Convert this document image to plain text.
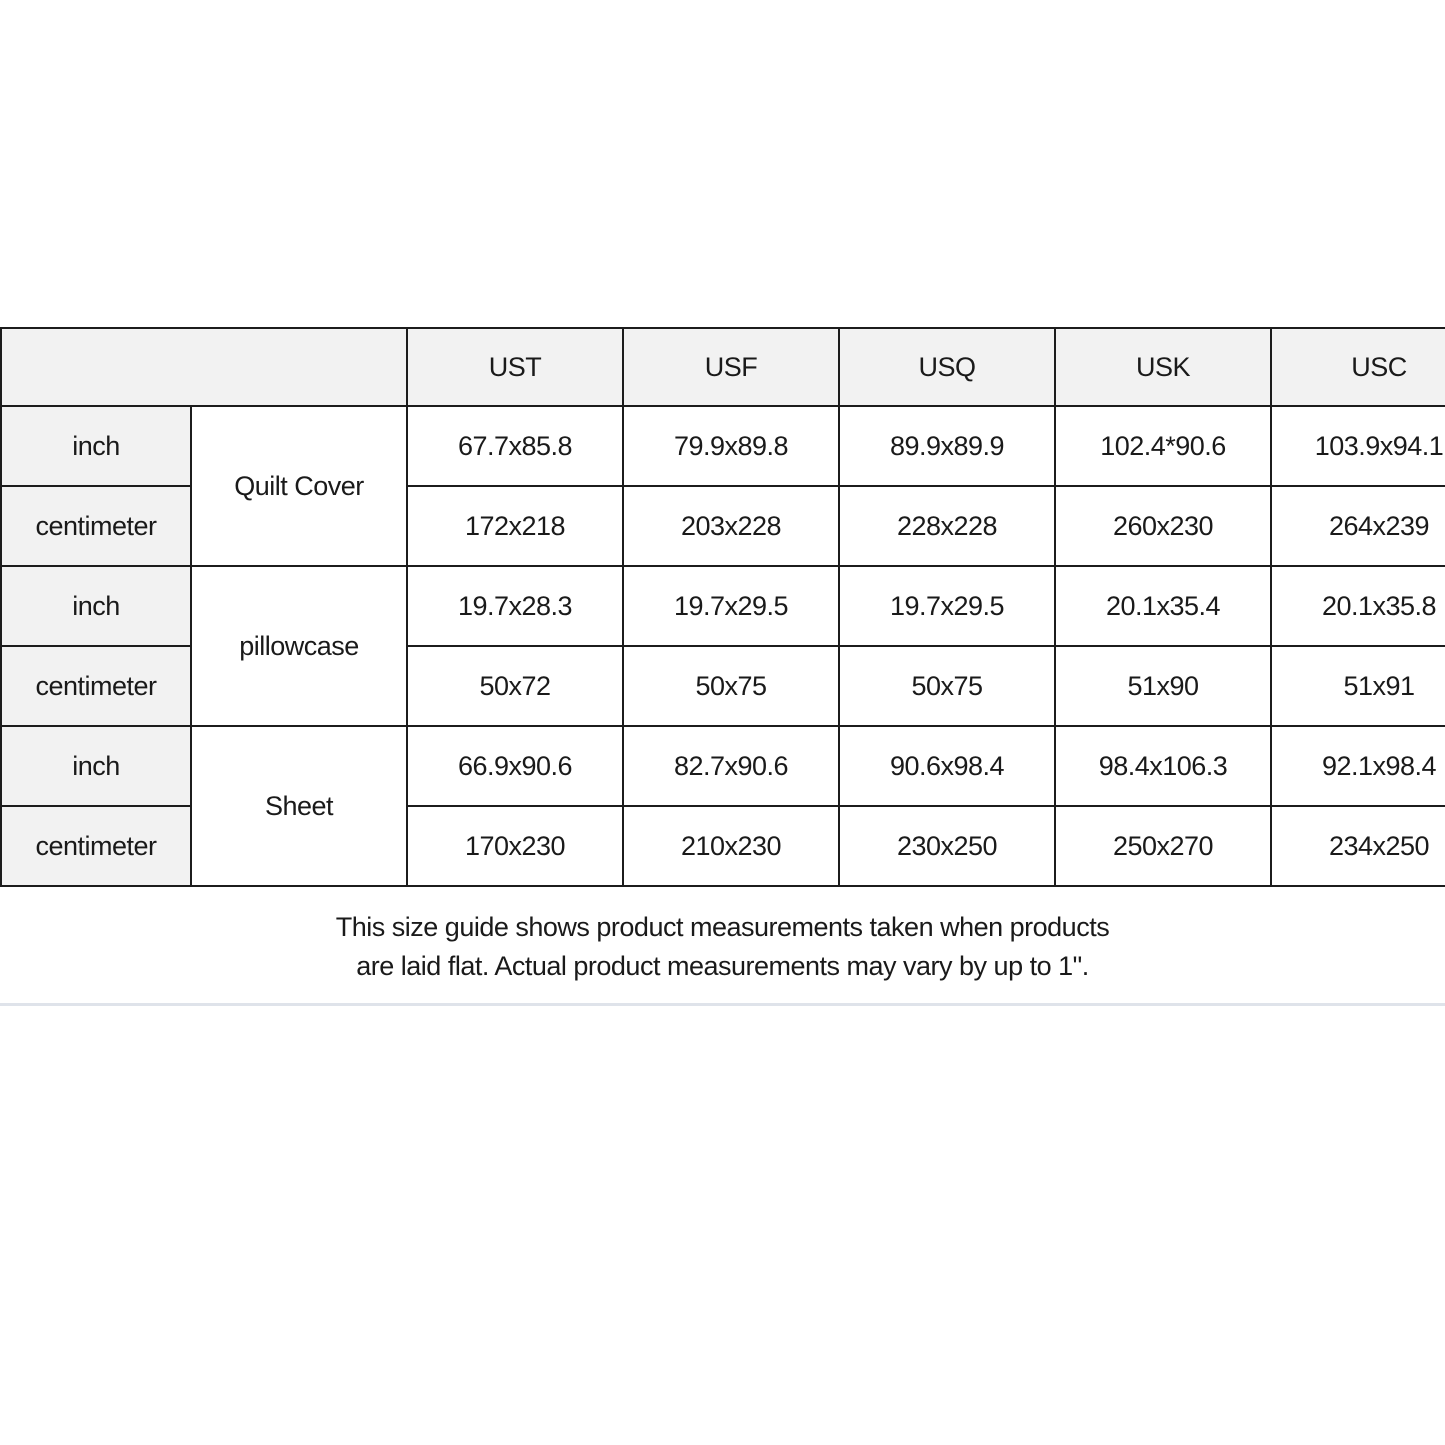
		UST	USF	USQ	USK	USC
inch	Quilt Cover	67.7x85.8	79.9x89.8	89.9x89.9	102.4*90.6	103.9x94.1
centimeter		172x218	203x228	228x228	260x230	264x239
inch	pillowcase	19.7x28.3	19.7x29.5	19.7x29.5	20.1x35.4	20.1x35.8
centimeter		50x72	50x75	50x75	51x90	51x91
inch	Sheet	66.9x90.6	82.7x90.6	90.6x98.4	98.4x106.3	92.1x98.4
centimeter		170x230	210x230	230x250	250x270	234x250
This size guide shows product measurements taken when products
are laid flat. Actual product measurements may vary by up to 1".
